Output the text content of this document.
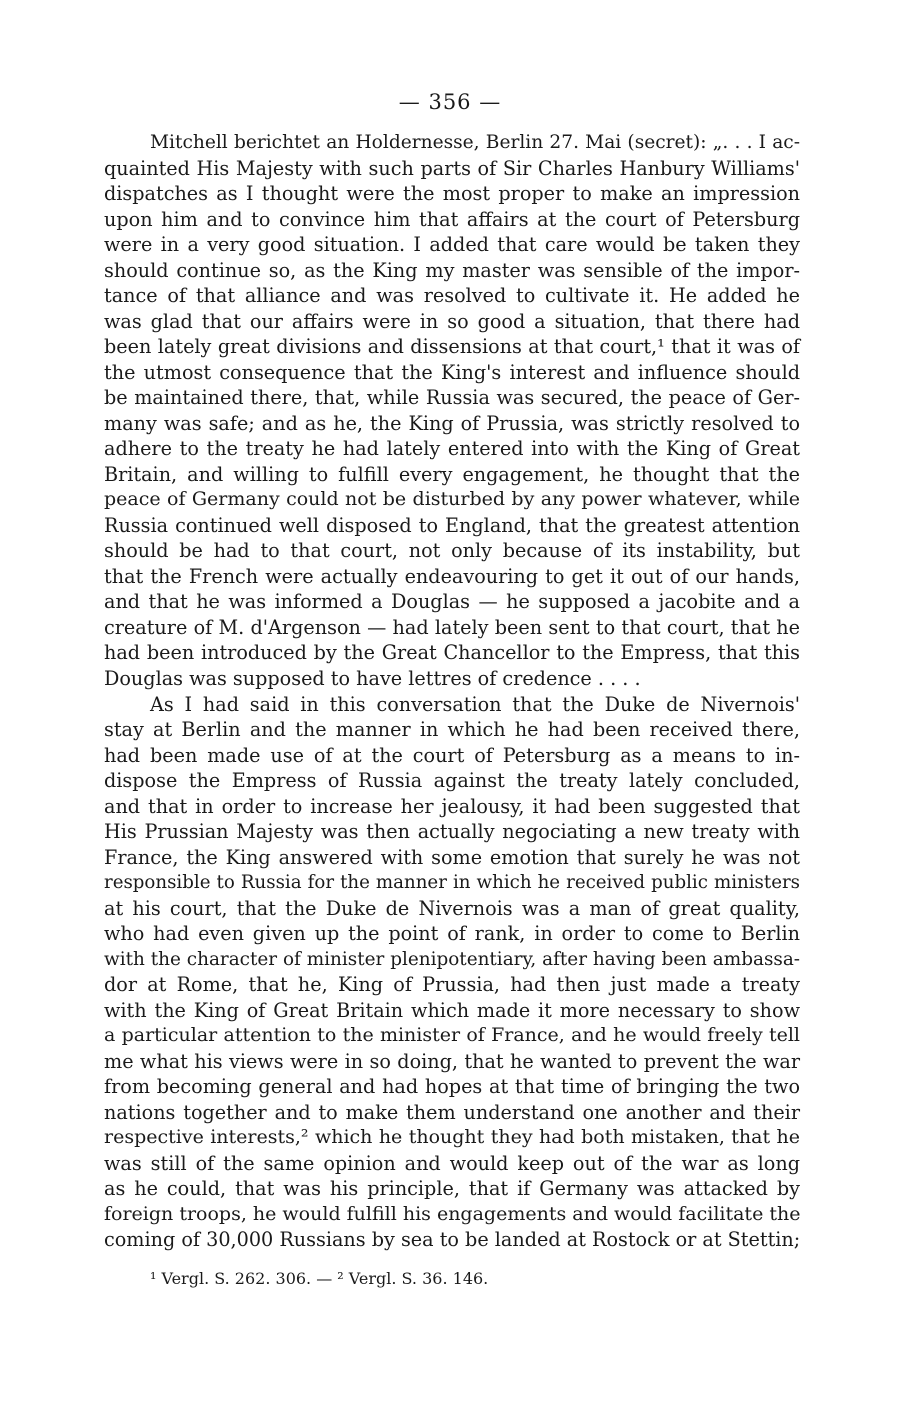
— 356 —
Mitchell berichtet an Holdernesse, Berlin 27. Mai (secret): „. . . I ac-
quainted His Majesty with such parts of Sir Charles Hanbury Williams'
dispatches as I thought were the most proper to make an impression
upon him and to convince him that affairs at the court of Petersburg
were in a very good situation. I added that care would be taken they
should continue so, as the King my master was sensible of the impor-
tance of that alliance and was resolved to cultivate it. He added he
was glad that our affairs were in so good a situation, that there had
been lately great divisions and dissensions at that court,¹ that it was of
the utmost consequence that the King's interest and influence should
be maintained there, that, while Russia was secured, the peace of Ger-
many was safe; and as he, the King of Prussia, was strictly resolved to
adhere to the treaty he had lately entered into with the King of Great
Britain, and willing to fulfill every engagement, he thought that the
peace of Germany could not be disturbed by any power whatever, while
Russia continued well disposed to England, that the greatest attention
should be had to that court, not only because of its instability, but
that the French were actually endeavouring to get it out of our hands,
and that he was informed a Douglas — he supposed a jacobite and a
creature of M. d'Argenson — had lately been sent to that court, that he
had been introduced by the Great Chancellor to the Empress, that this
Douglas was supposed to have lettres of credence . . . .
As I had said in this conversation that the Duke de Nivernois'
stay at Berlin and the manner in which he had been received there,
had been made use of at the court of Petersburg as a means to in-
dispose the Empress of Russia against the treaty lately concluded,
and that in order to increase her jealousy, it had been suggested that
His Prussian Majesty was then actually negociating a new treaty with
France, the King answered with some emotion that surely he was not
responsible to Russia for the manner in which he received public ministers
at his court, that the Duke de Nivernois was a man of great quality,
who had even given up the point of rank, in order to come to Berlin
with the character of minister plenipotentiary, after having been ambassa-
dor at Rome, that he, King of Prussia, had then just made a treaty
with the King of Great Britain which made it more necessary to show
a particular attention to the minister of France, and he would freely tell
me what his views were in so doing, that he wanted to prevent the war
from becoming general and had hopes at that time of bringing the two
nations together and to make them understand one another and their
respective interests,² which he thought they had both mistaken, that he
was still of the same opinion and would keep out of the war as long
as he could, that was his principle, that if Germany was attacked by
foreign troops, he would fulfill his engagements and would facilitate the
coming of 30,000 Russians by sea to be landed at Rostock or at Stettin;
¹ Vergl. S. 262. 306. — ² Vergl. S. 36. 146.
